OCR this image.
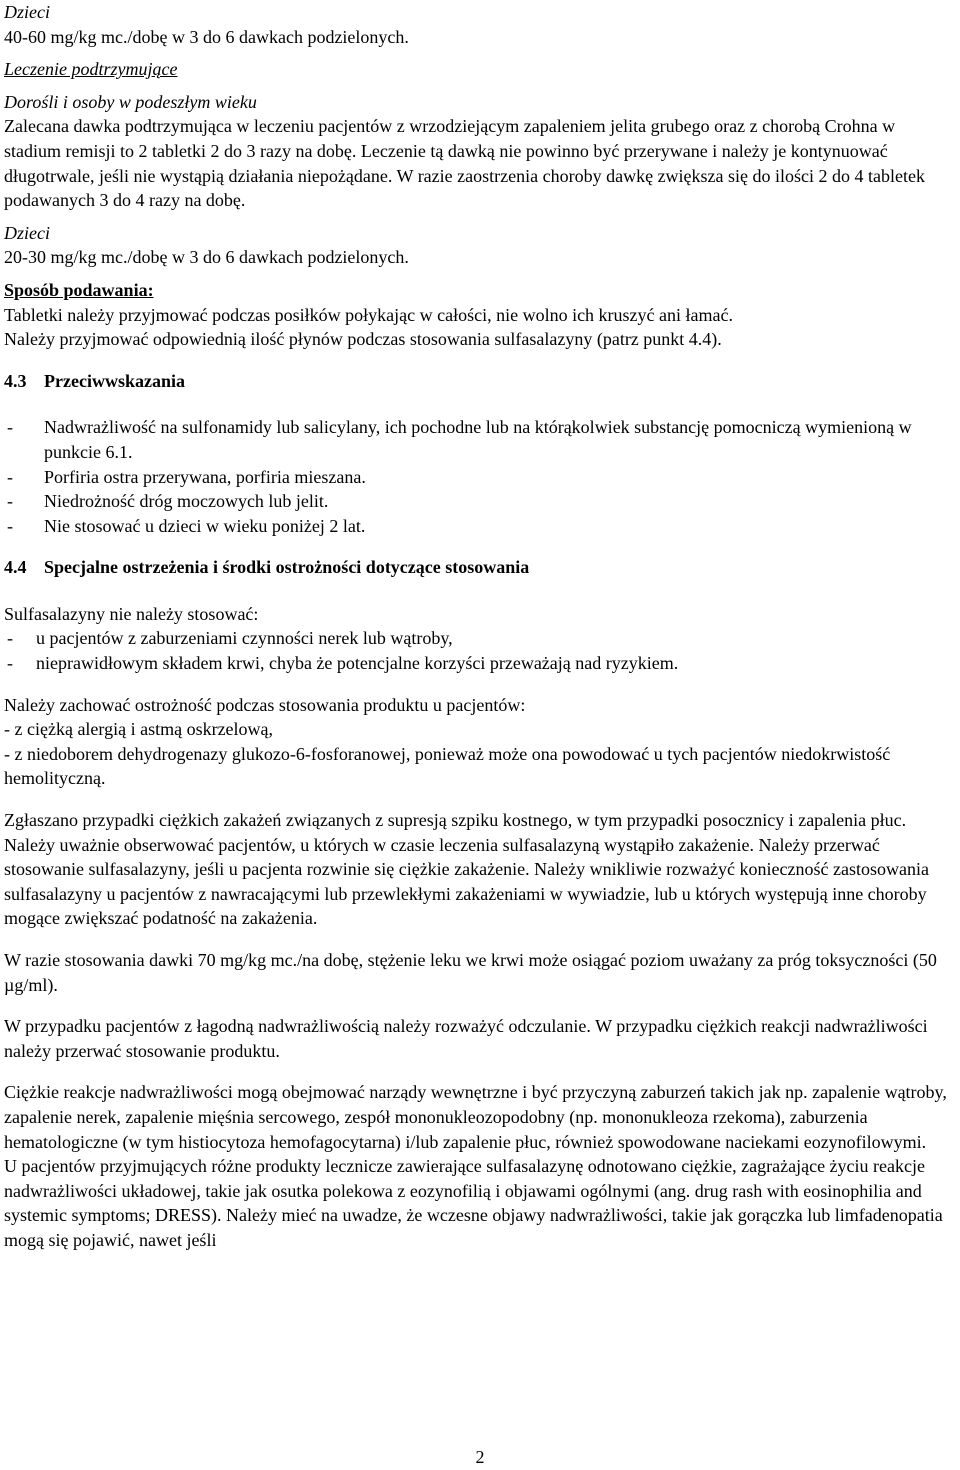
Dzieci

40-60 mg/kg mc./dobę w 3 do 6 dawkach podzielonych.

Leczenie podtrzymujące

Dorośli i osoby w podeszłym wieku

Zalecana dawka podtrzymująca w leczeniu pacjentów z wrzodziejącym zapaleniem jelita grubego oraz z chorobą Crohna w stadium remisji to 2 tabletki 2 do 3 razy na dobę. Leczenie tą dawką nie powinno być przerywane i należy je kontynuować długotrwale, jeśli nie wystąpią działania niepożądane. W razie zaostrzenia choroby dawkę zwiększa się do ilości 2 do 4 tabletek podawanych 3 do 4 razy na dobę.

Dzieci

20-30 mg/kg mc./dobę w 3 do 6 dawkach podzielonych.

Sposób podawania:

Tabletki należy przyjmować podczas posiłków połykając w całości, nie wolno ich kruszyć ani łamać.

Należy przyjmować odpowiednią ilość płynów podczas stosowania sulfasalazyny (patrz punkt 4.4).

4.3 Przeciwwskazania

- Nadwrażliwość na sulfonamidy lub salicylany, ich pochodne lub na którąkolwiek substancję pomocniczą wymienioną w punkcie 6.1.
- Porfiria ostra przerywana, porfiria mieszana.
- Niedrożność dróg moczowych lub jelit.
- Nie stosować u dzieci w wieku poniżej 2 lat.

4.4 Specjalne ostrzeżenia i środki ostrożności dotyczące stosowania

Sulfasalazyny nie należy stosować:

- u pacjentów z zaburzeniami czynności nerek lub wątroby,
- nieprawidłowym składem krwi, chyba że potencjalne korzyści przeważają nad ryzykiem.

Należy zachować ostrożność podczas stosowania produktu u pacjentów:

- z ciężką alergią i astmą oskrzelową,

- z niedoborem dehydrogenazy glukozo-6-fosforanowej, ponieważ może ona powodować u tych pacjentów niedokrwistość hemolityczną.

Zgłaszano przypadki ciężkich zakażeń związanych z supresją szpiku kostnego, w tym przypadki posocznicy i zapalenia płuc. Należy uważnie obserwować pacjentów, u których w czasie leczenia sulfasalazyną wystąpiło zakażenie. Należy przerwać stosowanie sulfasalazyny, jeśli u pacjenta rozwinie się ciężkie zakażenie. Należy wnikliwie rozważyć konieczność zastosowania sulfasalazyny u pacjentów z nawracającymi lub przewlekłymi zakażeniami w wywiadzie, lub u których występują inne choroby mogące zwiększać podatność na zakażenia.

W razie stosowania dawki 70 mg/kg mc./na dobę, stężenie leku we krwi może osiągać poziom uważany za próg toksyczności (50 µg/ml).

W przypadku pacjentów z łagodną nadwrażliwością należy rozważyć odczulanie. W przypadku ciężkich reakcji nadwrażliwości należy przerwać stosowanie produktu.

Ciężkie reakcje nadwrażliwości mogą obejmować narządy wewnętrzne i być przyczyną zaburzeń takich jak np. zapalenie wątroby, zapalenie nerek, zapalenie mięśnia sercowego, zespół mononukleozopodobny (np. mononukleoza rzekoma), zaburzenia hematologiczne (w tym histiocytoza hemofagocytarna) i/lub zapalenie płuc, również spowodowane naciekami eozynofilowymi.

U pacjentów przyjmujących różne produkty lecznicze zawierające sulfasalazynę odnotowano ciężkie, zagrażające życiu reakcje nadwrażliwości układowej, takie jak osutka polekowa z eozynofilią i objawami ogólnymi (ang. drug rash with eosinophilia and systemic symptoms; DRESS). Należy mieć na uwadze, że wczesne objawy nadwrażliwości, takie jak gorączka lub limfadenopatia mogą się pojawić, nawet jeśli

2
